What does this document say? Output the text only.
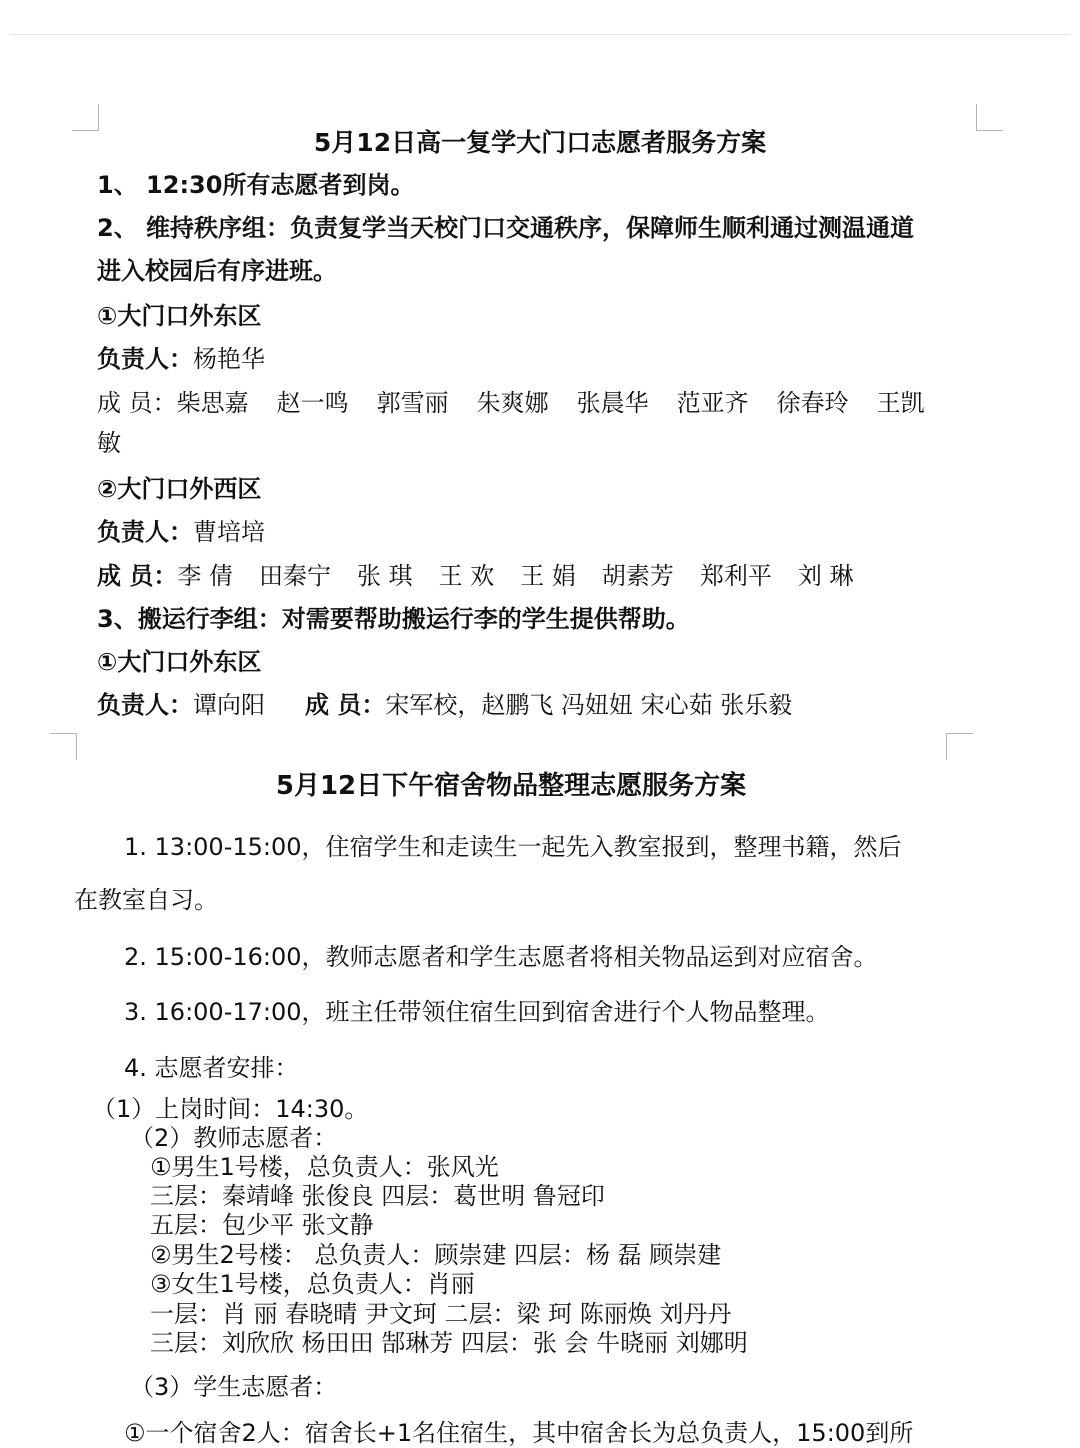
5月12日高一复学大门口志愿者服务方案
1、 12:30所有志愿者到岗。
2、 维持秩序组：负责复学当天校门口交通秩序，保障师生顺利通过测温通道
进入校园后有序进班。
①大门口外东区
负责人：杨艳华
成 员：柴思嘉 赵一鸣 郭雪丽 朱爽娜 张晨华 范亚齐 徐春玲 王凯
敏
②大门口外西区
负责人：曹培培
成 员：李 倩 田秦宁 张 琪 王 欢 王 娟 胡素芳 郑利平 刘 琳
3、搬运行李组：对需要帮助搬运行李的学生提供帮助。
①大门口外东区
负责人：谭向阳 成 员：宋军校，赵鹏飞 冯妞妞 宋心茹 张乐毅
5月12日下午宿舍物品整理志愿服务方案
1. 13:00-15:00，住宿学生和走读生一起先入教室报到，整理书籍，然后
在教室自习。
2. 15:00-16:00，教师志愿者和学生志愿者将相关物品运到对应宿舍。
3. 16:00-17:00，班主任带领住宿生回到宿舍进行个人物品整理。
4. 志愿者安排：
（1）上岗时间：14:30。
（2）教师志愿者：
①男生1号楼，总负责人：张风光
三层：秦靖峰 张俊良 四层：葛世明 鲁冠印
五层：包少平 张文静
②男生2号楼： 总负责人：顾崇建 四层：杨 磊 顾崇建
③女生1号楼，总负责人：肖丽
一层：肖 丽 春晓晴 尹文珂 二层：梁 珂 陈丽焕 刘丹丹
三层：刘欣欣 杨田田 郜琳芳 四层：张 会 牛晓丽 刘娜明
（3）学生志愿者：
①一个宿舍2人：宿舍长+1名住宿生，其中宿舍长为总负责人，15:00到所
